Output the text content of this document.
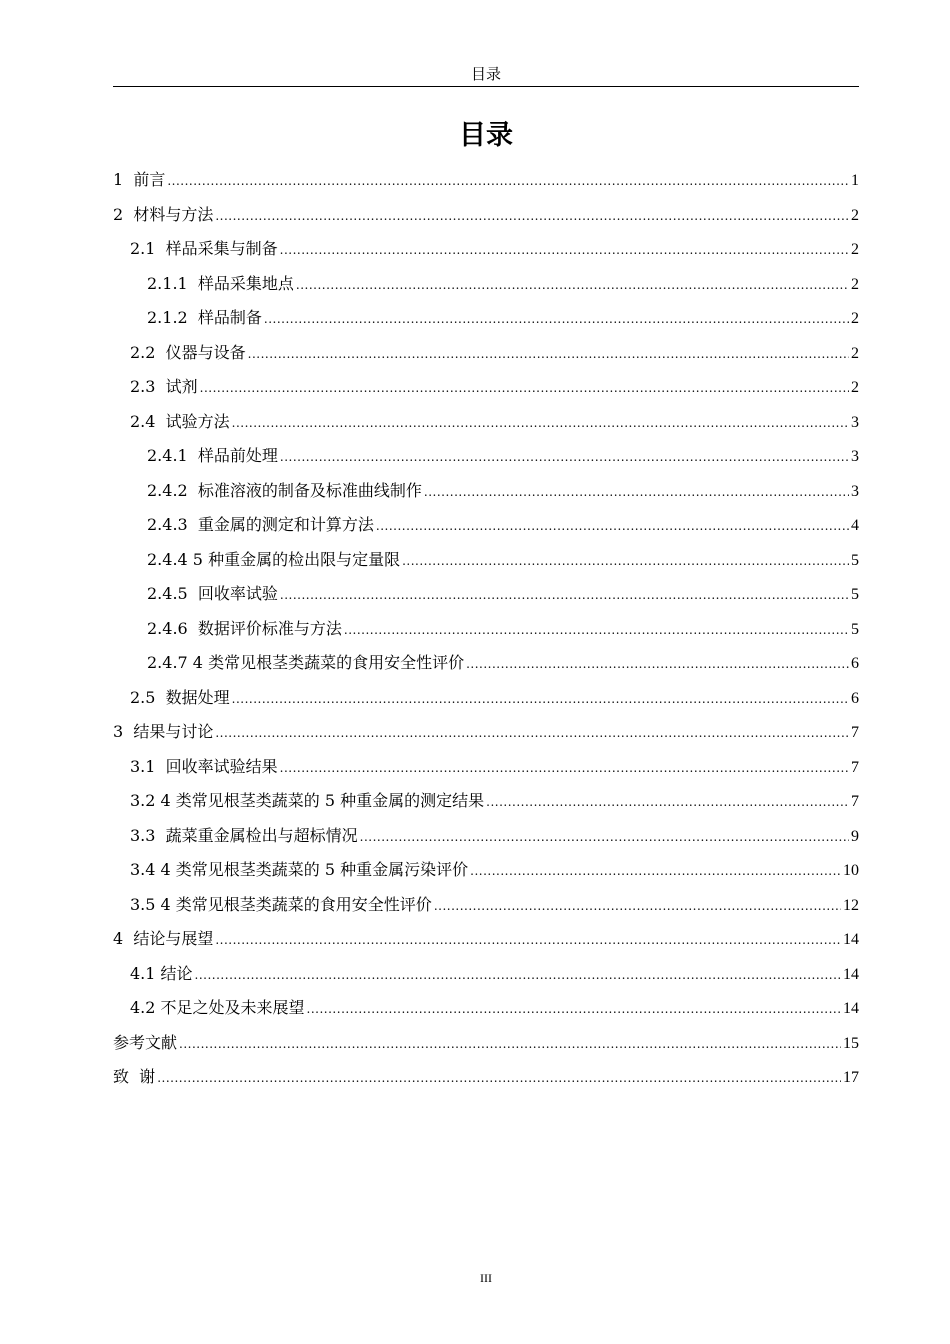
目录
目录
1  前言 .....	1
2  材料与方法 .....	2
2.1  样品采集与制备 .....	2
2.1.1  样品采集地点 .....	2
2.1.2  样品制备 .....	2
2.2  仪器与设备 .....	2
2.3  试剂 .....	2
2.4  试验方法 .....	3
2.4.1  样品前处理 .....	3
2.4.2  标准溶液的制备及标准曲线制作 .....	3
2.4.3  重金属的测定和计算方法 .....	4
2.4.4 5 种重金属的检出限与定量限 .....	5
2.4.5  回收率试验 .....	5
2.4.6  数据评价标准与方法 .....	5
2.4.7 4 类常见根茎类蔬菜的食用安全性评价 .....	6
2.5  数据处理 .....	6
3  结果与讨论 .....	7
3.1  回收率试验结果 .....	7
3.2 4 类常见根茎类蔬菜的 5 种重金属的测定结果 .....	7
3.3  蔬菜重金属检出与超标情况 .....	9
3.4 4 类常见根茎类蔬菜的 5 种重金属污染评价 .....	10
3.5 4 类常见根茎类蔬菜的食用安全性评价 .....	12
4  结论与展望 .....	14
4.1 结论 .....	14
4.2 不足之处及未来展望 .....	14
参考文献 .....	15
致  谢 .....	17
III
